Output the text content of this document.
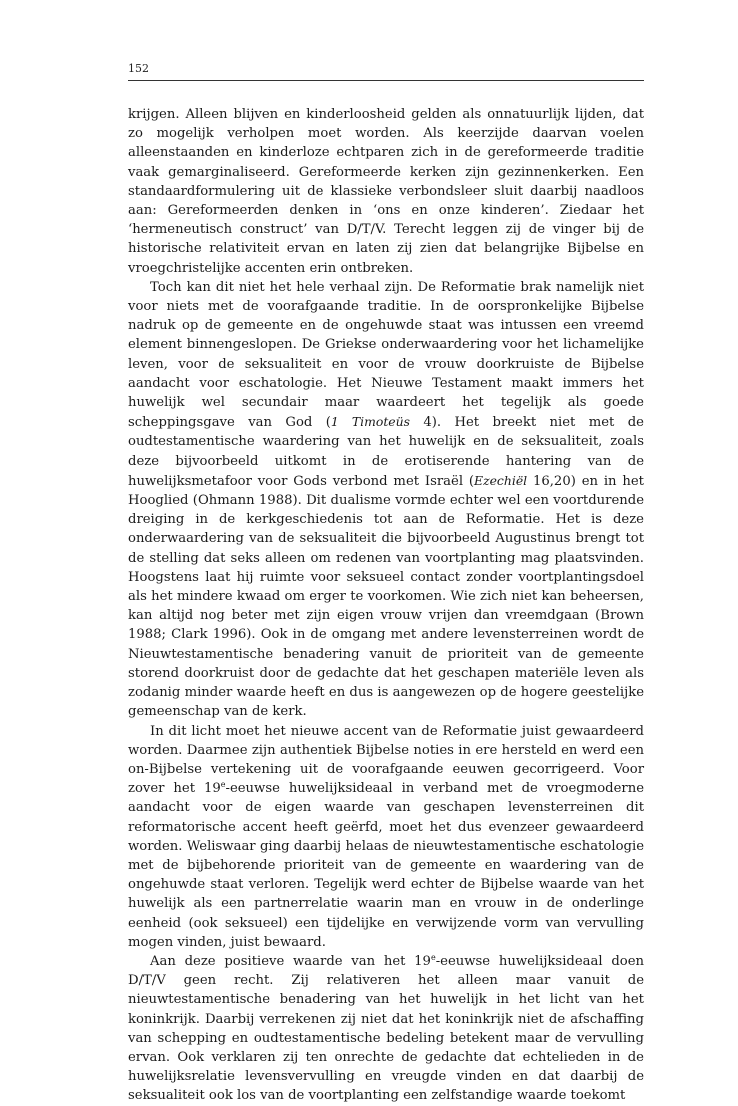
152

krijgen. Alleen blijven en kinderloosheid gelden als onnatuurlijk lijden, dat zo mogelijk verholpen moet worden. Als keerzijde daarvan voelen alleenstaanden en kinderloze echtparen zich in de gereformeerde traditie vaak gemarginaliseerd. Gereformeerde kerken zijn gezinnenkerken. Een standaardformulering uit de klassieke verbondsleer sluit daarbij naadloos aan: Gereformeerden denken in ‘ons en onze kinderen’. Ziedaar het ‘hermeneutisch construct’ van D/T/V. Terecht leggen zij de vinger bij de historische relativiteit ervan en laten zij zien dat belangrijke Bijbelse en vroegchristelijke accenten erin ontbreken.

Toch kan dit niet het hele verhaal zijn. De Reformatie brak namelijk niet voor niets met de voorafgaande traditie. In de oorspronkelijke Bijbelse nadruk op de gemeente en de ongehuwde staat was intussen een vreemd element binnengeslopen. De Griekse onderwaardering voor het lichamelijke leven, voor de seksualiteit en voor de vrouw doorkruiste de Bijbelse aandacht voor eschatologie. Het Nieuwe Testament maakt immers het huwelijk wel secundair maar waardeert het tegelijk als goede scheppingsgave van God (1 Timoteüs 4). Het breekt niet met de oudtestamentische waardering van het huwelijk en de seksualiteit, zoals deze bijvoorbeeld uitkomt in de erotiserende hantering van de huwelijksmetafoor voor Gods verbond met Israël (Ezechiël 16,20) en in het Hooglied (Ohmann 1988). Dit dualisme vormde echter wel een voortdurende dreiging in de kerkgeschiedenis tot aan de Reformatie. Het is deze onderwaardering van de seksualiteit die bijvoorbeeld Augustinus brengt tot de stelling dat seks alleen om redenen van voortplanting mag plaatsvinden. Hoogstens laat hij ruimte voor seksueel contact zonder voortplantingsdoel als het mindere kwaad om erger te voorkomen. Wie zich niet kan beheersen, kan altijd nog beter met zijn eigen vrouw vrijen dan vreemdgaan (Brown 1988; Clark 1996). Ook in de omgang met andere levensterreinen wordt de Nieuwtestamentische benadering vanuit de prioriteit van de gemeente storend doorkruist door de gedachte dat het geschapen materiële leven als zodanig minder waarde heeft en dus is aangewezen op de hogere geestelijke gemeenschap van de kerk.

In dit licht moet het nieuwe accent van de Reformatie juist gewaardeerd worden. Daarmee zijn authentiek Bijbelse noties in ere hersteld en werd een on-Bijbelse vertekening uit de voorafgaande eeuwen gecorrigeerd. Voor zover het 19e-eeuwse huwelijksideaal in verband met de vroegmoderne aandacht voor de eigen waarde van geschapen levensterreinen dit reformatorische accent heeft geërfd, moet het dus evenzeer gewaardeerd worden. Weliswaar ging daarbij helaas de nieuwtestamentische eschatologie met de bijbehorende prioriteit van de gemeente en waardering van de ongehuwde staat verloren. Tegelijk werd echter de Bijbelse waarde van het huwelijk als een partnerrelatie waarin man en vrouw in de onderlinge eenheid (ook seksueel) een tijdelijke en verwijzende vorm van vervulling mogen vinden, juist bewaard.

Aan deze positieve waarde van het 19e-eeuwse huwelijksideaal doen D/T/V geen recht. Zij relativeren het alleen maar vanuit de nieuwtestamentische benadering van het huwelijk in het licht van het koninkrijk. Daarbij verrekenen zij niet dat het koninkrijk niet de afschaffing van schepping en oudtestamentische bedeling betekent maar de vervulling ervan. Ook verklaren zij ten onrechte de gedachte dat echtelieden in de huwelijksrelatie levensvervulling en vreugde vinden en dat daarbij de seksualiteit ook los van de voortplanting een zelfstandige waarde toekomt
